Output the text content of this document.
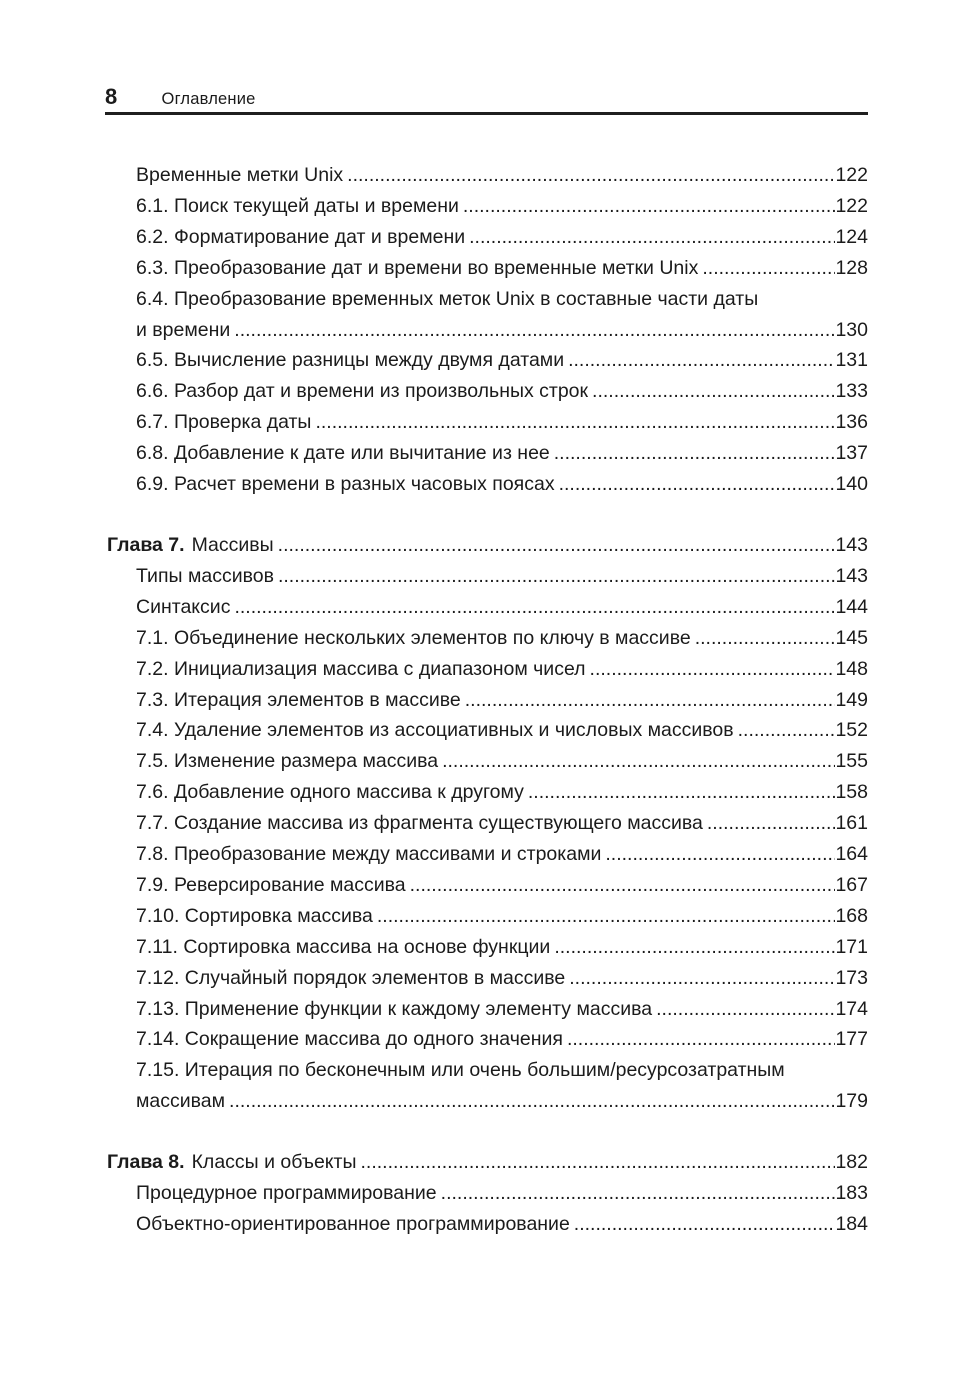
8	Оглавление
Временные метки Unix .....	122
6.1. Поиск текущей даты и времени .....	122
6.2. Форматирование дат и времени .....	124
6.3. Преобразование дат и времени во временные метки Unix .....	128
6.4. Преобразование временных меток Unix в составные части даты
и времени .....	130
6.5. Вычисление разницы между двумя датами .....	131
6.6. Разбор дат и времени из произвольных строк .....	133
6.7. Проверка даты .....	136
6.8. Добавление к дате или вычитание из нее .....	137
6.9. Расчет времени в разных часовых поясах .....	140
Глава 7. Массивы .....	143
Типы массивов .....	143
Синтаксис .....	144
7.1. Объединение нескольких элементов по ключу в массиве .....	145
7.2. Инициализация массива с диапазоном чисел .....	148
7.3. Итерация элементов в массиве .....	149
7.4. Удаление элементов из ассоциативных и числовых массивов .....	152
7.5. Изменение размера массива .....	155
7.6. Добавление одного массива к другому .....	158
7.7. Создание массива из фрагмента существующего массива .....	161
7.8. Преобразование между массивами и строками .....	164
7.9. Реверсирование массива .....	167
7.10. Сортировка массива .....	168
7.11. Сортировка массива на основе функции .....	171
7.12. Случайный порядок элементов в массиве .....	173
7.13. Применение функции к каждому элементу массива .....	174
7.14. Сокращение массива до одного значения .....	177
7.15. Итерация по бесконечным или очень большим/ресурсозатратным
массивам .....	179
Глава 8. Классы и объекты .....	182
Процедурное программирование .....	183
Объектно-ориентированное программирование .....	184
